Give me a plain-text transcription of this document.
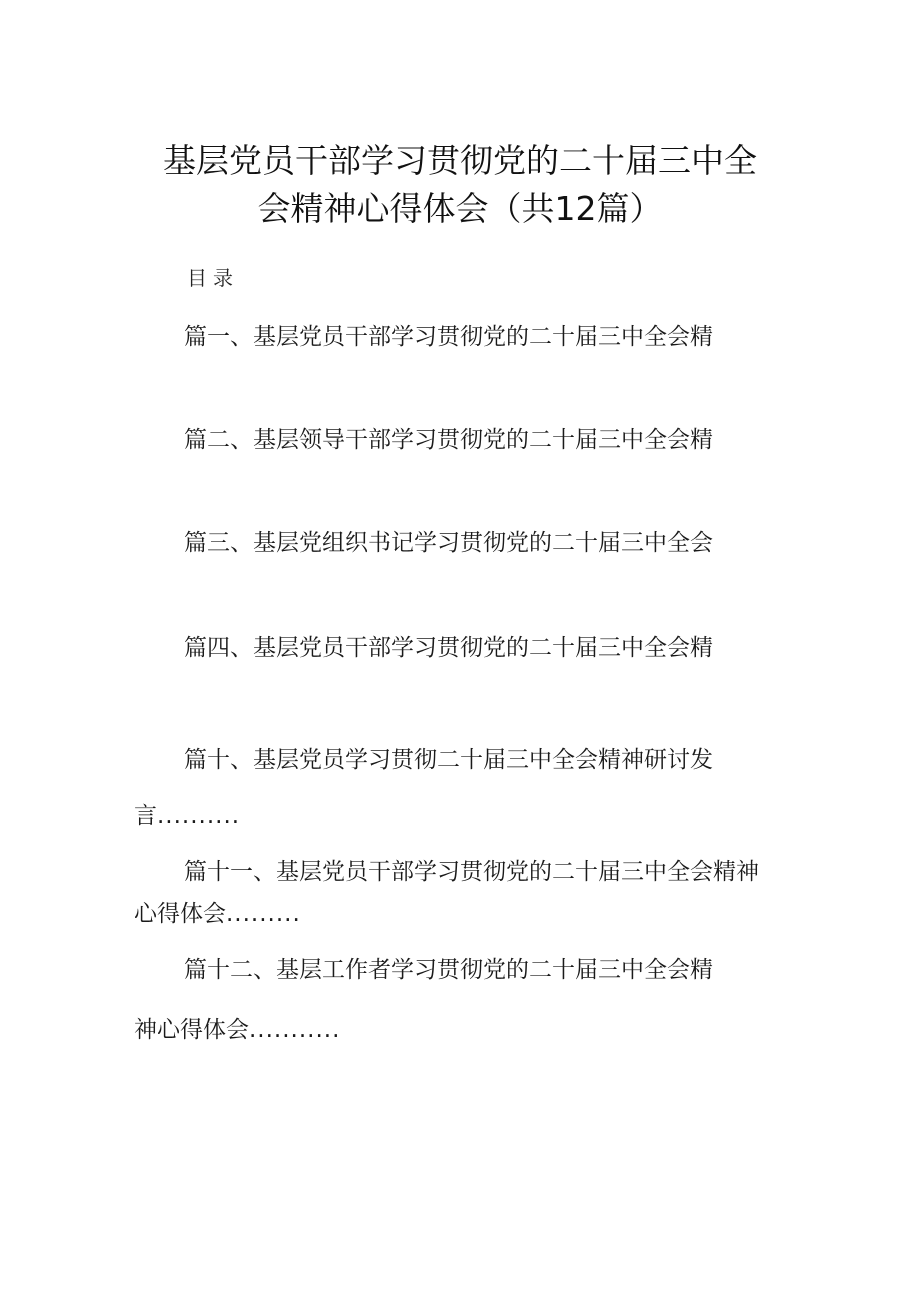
基层党员干部学习贯彻党的二十届三中全
会精神心得体会（共12篇）
目录
篇一、基层党员干部学习贯彻党的二十届三中全会精
篇二、基层领导干部学习贯彻党的二十届三中全会精
篇三、基层党组织书记学习贯彻党的二十届三中全会
篇四、基层党员干部学习贯彻党的二十届三中全会精
篇十、基层党员学习贯彻二十届三中全会精神研讨发
言..........
篇十一、基层党员干部学习贯彻党的二十届三中全会精神
心得体会.........
篇十二、基层工作者学习贯彻党的二十届三中全会精
神心得体会...........
